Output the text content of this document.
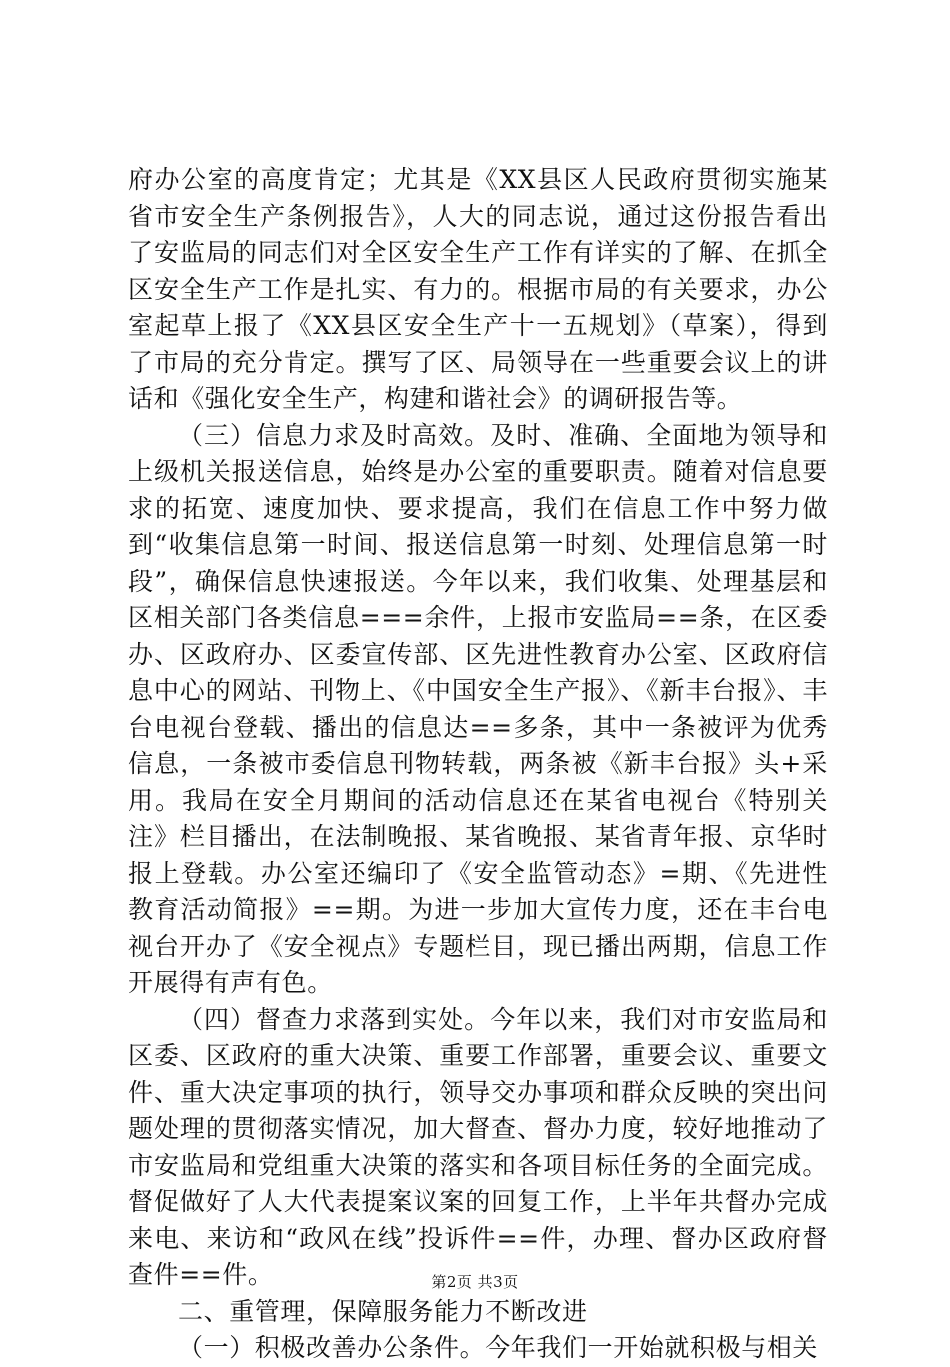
府办公室的高度肯定；尤其是《XX县区人民政府贯彻实施某省市安全生产条例报告》，人大的同志说，通过这份报告看出了安监局的同志们对全区安全生产工作有详实的了解、在抓全区安全生产工作是扎实、有力的。根据市局的有关要求，办公室起草上报了《XX县区安全生产十一五规划》（草案），得到了市局的充分肯定。撰写了区、局领导在一些重要会议上的讲话和《强化安全生产，构建和谐社会》的调研报告等。

（三）信息力求及时高效。及时、准确、全面地为领导和上级机关报送信息，始终是办公室的重要职责。随着对信息要求的拓宽、速度加快、要求提高，我们在信息工作中努力做到“收集信息第一时间、报送信息第一时刻、处理信息第一时段”，确保信息快速报送。今年以来，我们收集、处理基层和区相关部门各类信息===余件，上报市安监局==条，在区委办、区政府办、区委宣传部、区先进性教育办公室、区政府信息中心的网站、刊物上、《中国安全生产报》、《新丰台报》、丰台电视台登载、播出的信息达==多条，其中一条被评为优秀信息，一条被市委信息刊物转载，两条被《新丰台报》头+采用。我局在安全月期间的活动信息还在某省电视台《特别关注》栏目播出，在法制晚报、某省晚报、某省青年报、京华时报上登载。办公室还编印了《安全监管动态》=期、《先进性教育活动简报》==期。为进一步加大宣传力度，还在丰台电视台开办了《安全视点》专题栏目，现已播出两期，信息工作开展得有声有色。

（四）督查力求落到实处。今年以来，我们对市安监局和区委、区政府的重大决策、重要工作部署，重要会议、重要文件、重大决定事项的执行，领导交办事项和群众反映的突出问题处理的贯彻落实情况，加大督查、督办力度，较好地推动了市安监局和党组重大决策的落实和各项目标任务的全面完成。督促做好了人大代表提案议案的回复工作，上半年共督办完成来电、来访和“政风在线”投诉件==件，办理、督办区政府督查件==件。

二、重管理，保障服务能力不断改进

（一）积极改善办公条件。今年我们一开始就积极与相关

第2页 共3页
